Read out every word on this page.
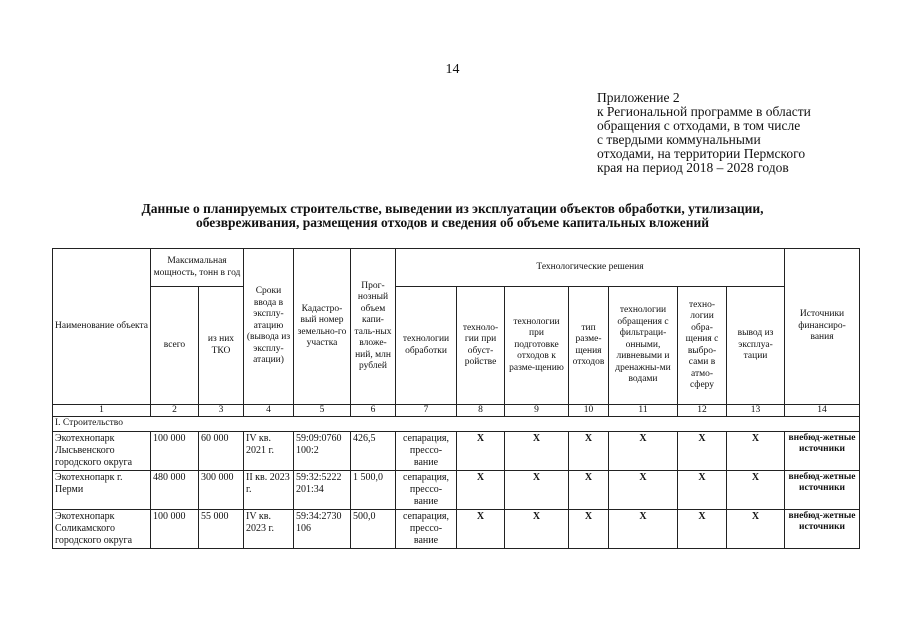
14
Приложение 2
к Региональной программе в области
обращения с отходами, в том числе
с твердыми коммунальными
отходами, на территории Пермского
края на период 2018 – 2028 годов
Данные о планируемых строительстве, выведении из эксплуатации объектов обработки, утилизации,
обезвреживания, размещения отходов и сведения об объеме капитальных вложений
Наименование объекта	Максимальная мощность, тонн в год		Сроки ввода в эксплу-атацию (вывода из эксплу-атации)	Кадастро-вый номер земельно-го участка	Прог-нозный объем капи-таль-ных вложе-ний, млн рублей	Технологические решения							Источники финансиро-вания
	всего	из них ТКО				технологии обработки	техноло-гии при обуст-ройстве	технологии при подготовке отходов к разме-щению	тип разме-щения отходов	технологии обращения с фильтраци-онными, ливневыми и дренажны-ми водами	техно-логии обра-щения с выбро-сами в атмо-сферу	вывод из эксплуа-тации	
1	2	3	4	5	6	7	8	9	10	11	12	13	14
I. Строительство													
Экотехнопарк Лысьвенского городского округа	100 000	60 000	IV кв. 2021 г.	59:09:0760 100:2	426,5	сепарация, прессо-вание	X	X	X	X	X	X	внебюд-жетные источники
Экотехнопарк г. Перми	480 000	300 000	II кв. 2023 г.	59:32:5222 201:34	1 500,0	сепарация, прессо-вание	X	X	X	X	X	X	внебюд-жетные источники
Экотехнопарк Соликамского городского округа	100 000	55 000	IV кв. 2023 г.	59:34:2730 106	500,0	сепарация, прессо-вание	X	X	X	X	X	X	внебюд-жетные источники
